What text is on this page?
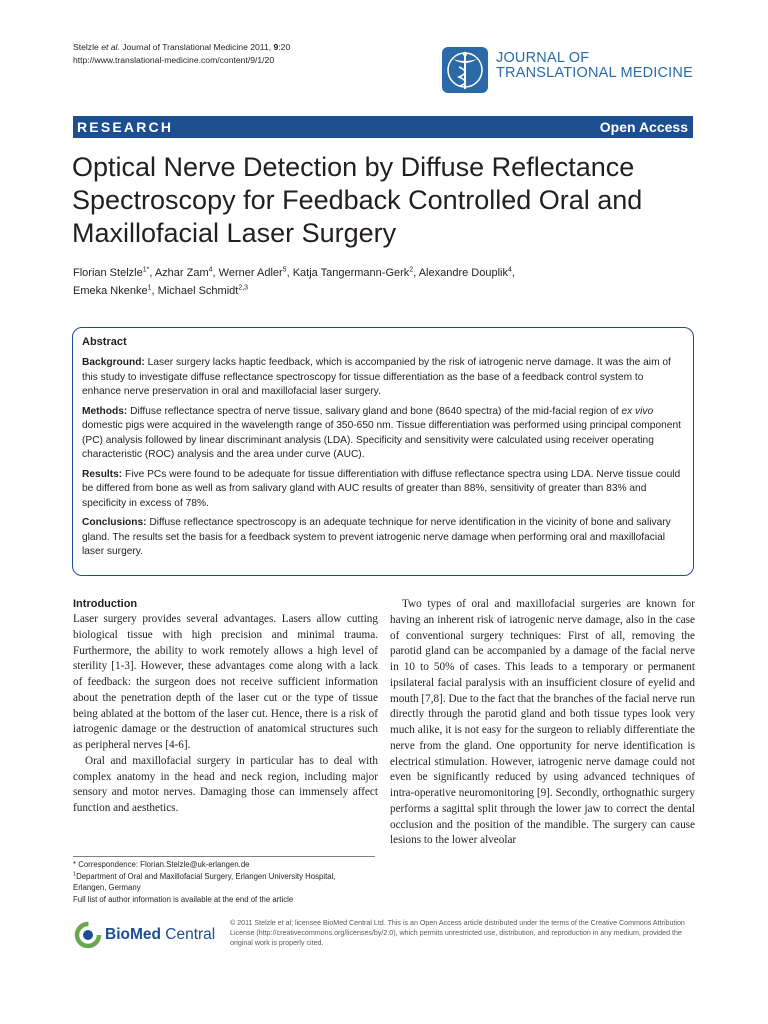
Stelzle et al. Journal of Translational Medicine 2011, 9:20
http://www.translational-medicine.com/content/9/1/20	JOURNAL OF
TRANSLATIONAL MEDICINE
RESEARCH	Open Access
Optical Nerve Detection by Diffuse Reflectance
Spectroscopy for Feedback Controlled Oral and
Maxillofacial Laser Surgery
Florian Stelzle$^{1*}$, Azhar Zam$^4$, Werner Adler$^5$, Katja Tangermann-Gerk$^2$, Alexandre Douplik$^4$,
Emeka Nkenke$^1$, Michael Schmidt$^{2,3}$
Abstract

Background: Laser surgery lacks haptic feedback, which is accompanied by the risk of iatrogenic nerve damage. It was the aim of this study to investigate diffuse reflectance spectroscopy for tissue differentiation as the base of a feedback control system to enhance nerve preservation in oral and maxillofacial laser surgery.

Methods: Diffuse reflectance spectra of nerve tissue, salivary gland and bone (8640 spectra) of the mid-facial region of ex vivo domestic pigs were acquired in the wavelength range of 350-650 nm. Tissue differentiation was performed using principal component (PC) analysis followed by linear discriminant analysis (LDA). Specificity and sensitivity were calculated using receiver operating characteristic (ROC) analysis and the area under curve (AUC).

Results: Five PCs were found to be adequate for tissue differentiation with diffuse reflectance spectra using LDA. Nerve tissue could be differed from bone as well as from salivary gland with AUC results of greater than 88%, sensitivity of greater than 83% and specificity in excess of 78%.

Conclusions: Diffuse reflectance spectroscopy is an adequate technique for nerve identification in the vicinity of bone and salivary gland. The results set the basis for a feedback system to prevent iatrogenic nerve damage when performing oral and maxillofacial laser surgery.

Introduction

Laser surgery provides several advantages. Lasers allow cutting biological tissue with high precision and minimal trauma. Furthermore, the ability to work remotely allows a high level of sterility [1-3]. However, these advantages come along with a lack of feedback: the surgeon does not receive sufficient information about the penetration depth of the laser cut or the type of tissue being ablated at the bottom of the laser cut. Hence, there is a risk of iatrogenic damage or the destruction of anatomical structures such as peripheral nerves [4-6].

Oral and maxillofacial surgery in particular has to deal with complex anatomy in the head and neck region, including major sensory and motor nerves. Damaging those can immensely affect function and aesthetics.

Two types of oral and maxillofacial surgeries are known for having an inherent risk of iatrogenic nerve damage, also in the case of conventional surgery techniques: First of all, removing the parotid gland can be accompanied by a damage of the facial nerve in 10 to 50% of cases. This leads to a temporary or permanent ipsilateral facial paralysis with an insufficient closure of eyelid and mouth [7,8]. Due to the fact that the branches of the facial nerve run directly through the parotid gland and both tissue types look very much alike, it is not easy for the surgeon to reliably differentiate the nerve from the gland. One opportunity for nerve identification is electrical stimulation. However, iatrogenic nerve damage could not even be significantly reduced by using advanced techniques of intra-operative neuromonitoring [9]. Secondly, orthognathic surgery performs a sagittal split through the lower jaw to correct the dental occlusion and the position of the mandible. The surgery can cause lesions to the lower alveolar

* Correspondence: Florian.Stelzle@uk-erlangen.de
$^1$Department of Oral and Maxillofacial Surgery, Erlangen University Hospital,
Erlangen, Germany
Full list of author information is available at the end of the article
BioMed Central
© 2011 Stelzle et al; licensee BioMed Central Ltd. This is an Open Access article distributed under the terms of the Creative Commons Attribution License (http://creativecommons.org/licenses/by/2.0), which permits unrestricted use, distribution, and reproduction in any medium, provided the original work is properly cited.
